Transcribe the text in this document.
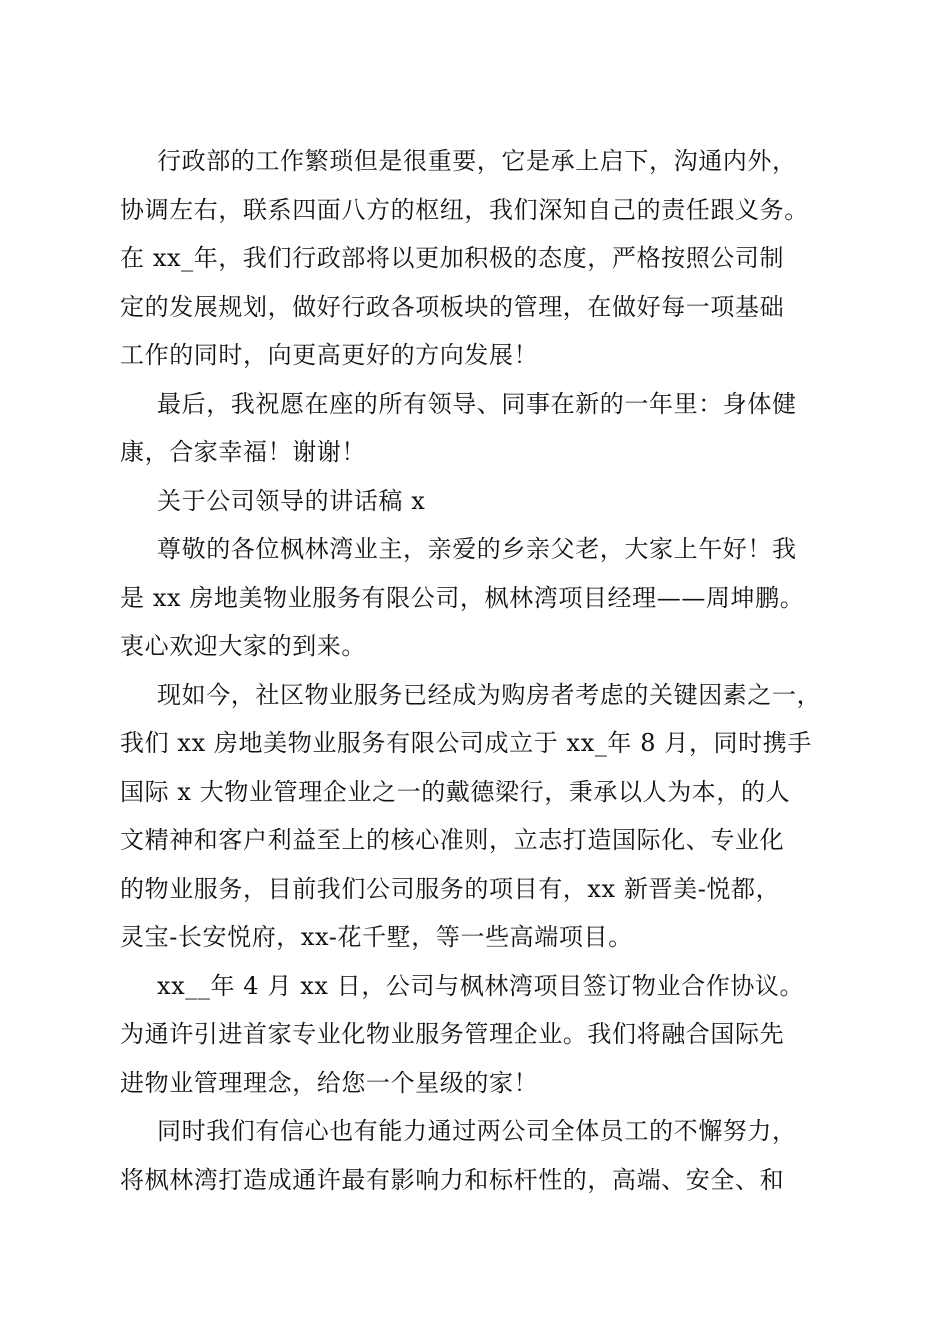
行政部的工作繁琐但是很重要，它是承上启下，沟通内外，
协调左右，联系四面八方的枢纽，我们深知自己的责任跟义务。
在 xx_年，我们行政部将以更加积极的态度，严格按照公司制
定的发展规划，做好行政各项板块的管理，在做好每一项基础
工作的同时，向更高更好的方向发展！
最后，我祝愿在座的所有领导、同事在新的一年里：身体健
康，合家幸福！谢谢！
关于公司领导的讲话稿 x
尊敬的各位枫林湾业主，亲爱的乡亲父老，大家上午好！我
是 xx 房地美物业服务有限公司，枫林湾项目经理——周坤鹏。
衷心欢迎大家的到来。
现如今，社区物业服务已经成为购房者考虑的关键因素之一，
我们 xx 房地美物业服务有限公司成立于 xx_年 8 月，同时携手
国际 x 大物业管理企业之一的戴德梁行，秉承以人为本，的人
文精神和客户利益至上的核心准则，立志打造国际化、专业化
的物业服务，目前我们公司服务的项目有，xx 新晋美-悦都，
灵宝-长安悦府，xx-花千墅，等一些高端项目。
xx__年 4 月 xx 日，公司与枫林湾项目签订物业合作协议。
为通许引进首家专业化物业服务管理企业。我们将融合国际先
进物业管理理念，给您一个星级的家！
同时我们有信心也有能力通过两公司全体员工的不懈努力，
将枫林湾打造成通许最有影响力和标杆性的，高端、安全、和
